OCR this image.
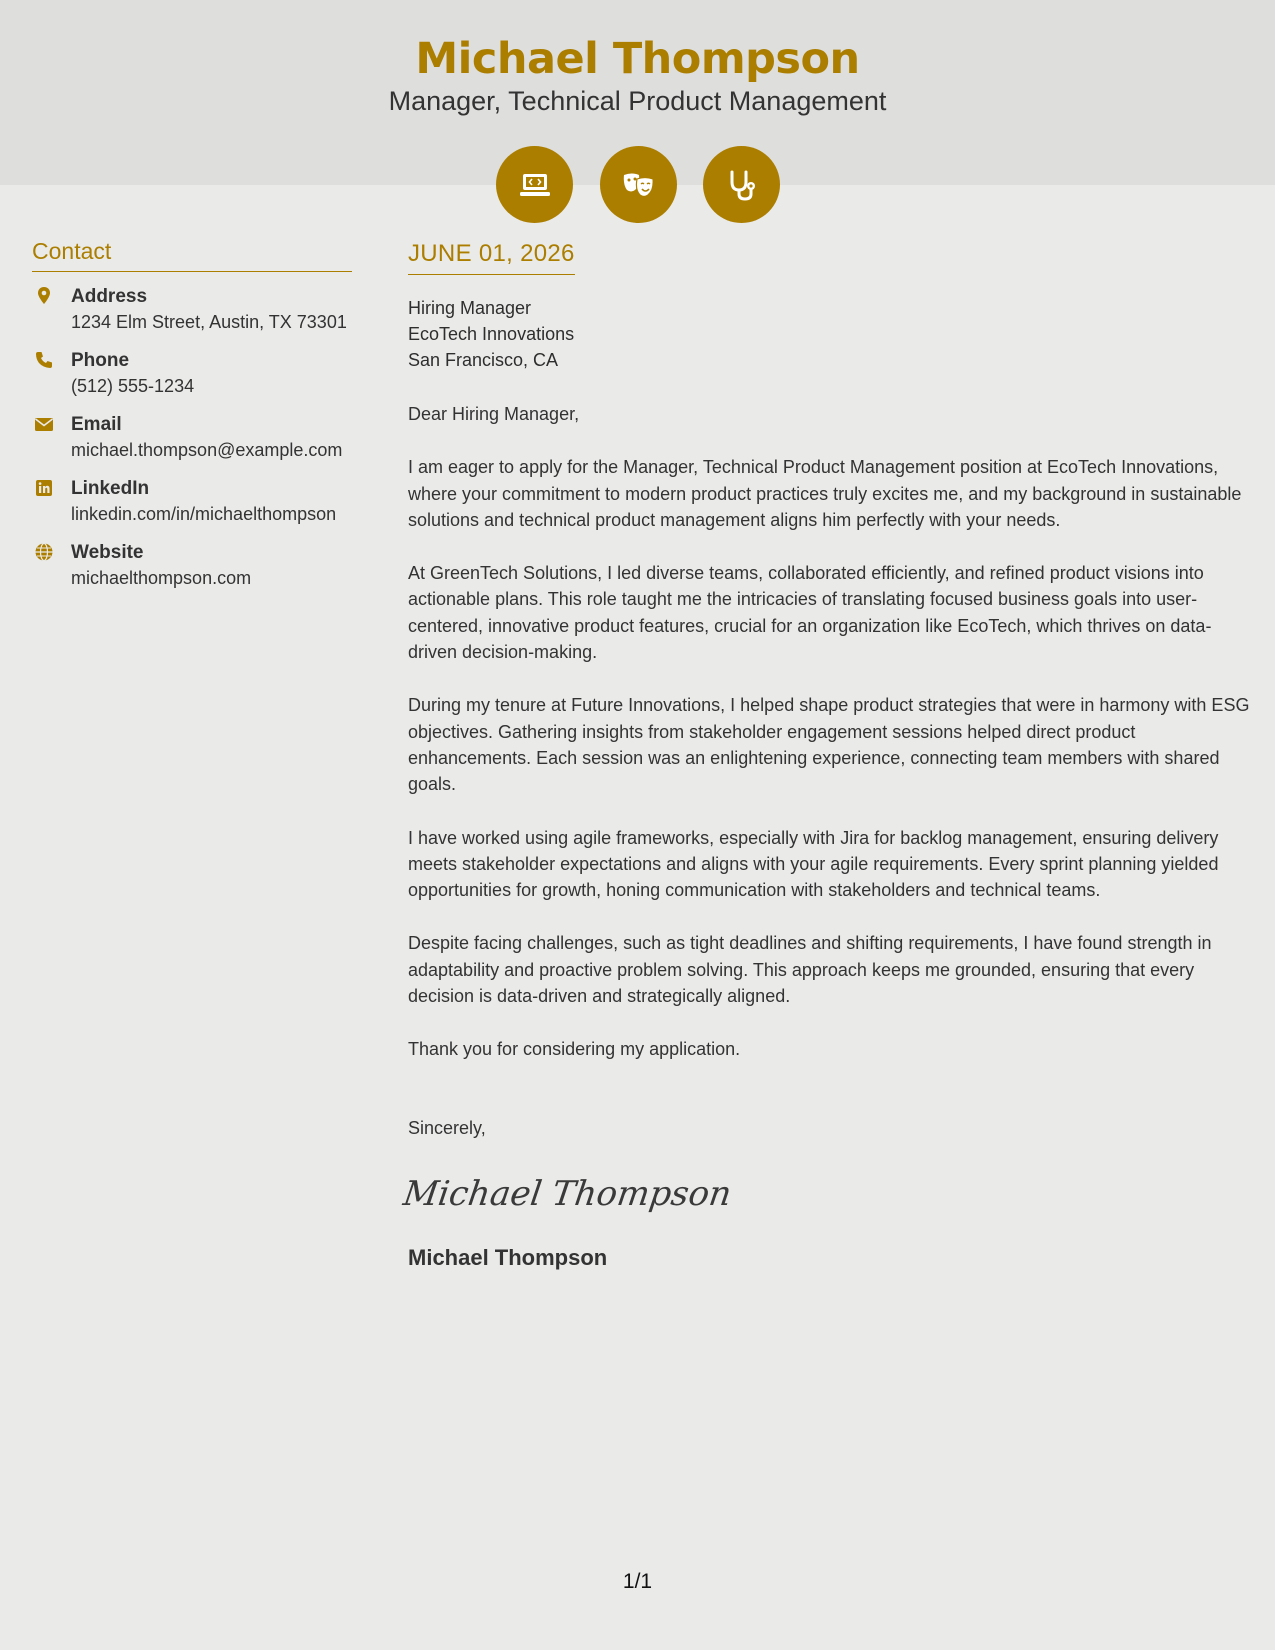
Michael Thompson
Manager, Technical Product Management
Contact
Address
1234 Elm Street, Austin, TX 73301
Phone
(512) 555-1234
Email
michael.thompson@example.com
LinkedIn
linkedin.com/in/michaelthompson
Website
michaelthompson.com
JUNE 01, 2026
Hiring Manager
EcoTech Innovations
San Francisco, CA

Dear Hiring Manager,

I am eager to apply for the Manager, Technical Product Management position at EcoTech Innovations, where your commitment to modern product practices truly excites me, and my background in sustainable solutions and technical product management aligns him perfectly with your needs.

At GreenTech Solutions, I led diverse teams, collaborated efficiently, and refined product visions into actionable plans. This role taught me the intricacies of translating focused business goals into user-centered, innovative product features, crucial for an organization like EcoTech, which thrives on data-driven decision-making.

During my tenure at Future Innovations, I helped shape product strategies that were in harmony with ESG objectives. Gathering insights from stakeholder engagement sessions helped direct product enhancements. Each session was an enlightening experience, connecting team members with shared goals.

I have worked using agile frameworks, especially with Jira for backlog management, ensuring delivery meets stakeholder expectations and aligns with your agile requirements. Every sprint planning yielded opportunities for growth, honing communication with stakeholders and technical teams.

Despite facing challenges, such as tight deadlines and shifting requirements, I have found strength in adaptability and proactive problem solving. This approach keeps me grounded, ensuring that every decision is data-driven and strategically aligned.

Thank you for considering my application.

Sincerely,

Michael Thompson
Michael Thompson
1/1
